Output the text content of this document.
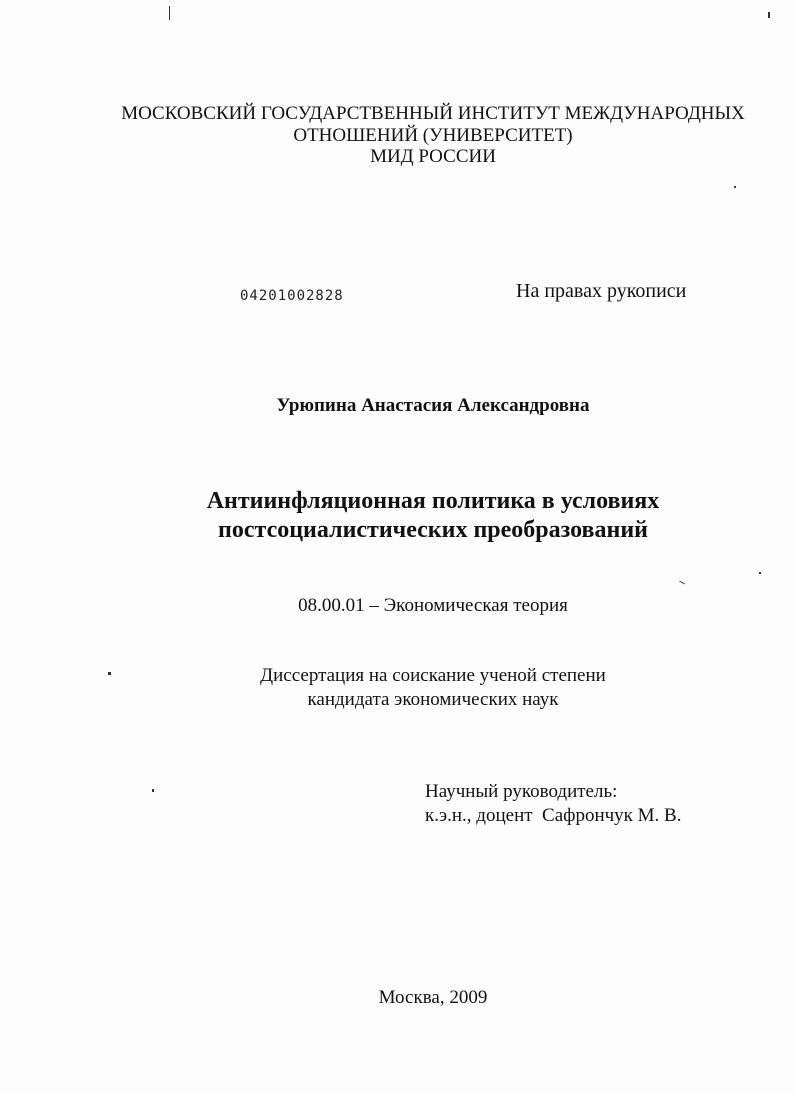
МОСКОВСКИЙ ГОСУДАРСТВЕННЫЙ ИНСТИТУТ МЕЖДУНАРОДНЫХ
ОТНОШЕНИЙ (УНИВЕРСИТЕТ)
МИД РОССИИ
04201002828	На правах рукописи
Урюпина Анастасия Александровна
Антиинфляционная политика в условиях
постсоциалистических преобразований
08.00.01 – Экономическая теория
Диссертация на соискание ученой степени
кандидата экономических наук
Научный руководитель:
к.э.н., доцент  Сафрончук М. В.
Москва, 2009
